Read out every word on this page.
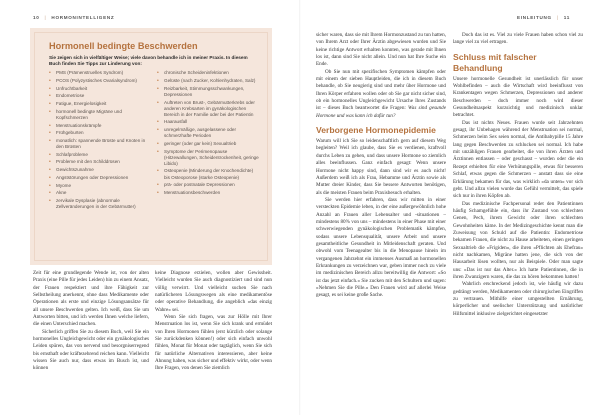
10 | HORMONINTELLIGENZ
Hormonell bedingte Beschwerden
Sie zeigen sich in vielfältiger Weise; viele davon behandle ich in meiner Praxis. In diesem Buch finden Sie Tipps zur Linderung von:
• PMS (Prämenstruelles Syndrom)
• PCOS (Polyzystisches Ovarialsyndrom)
• Unfruchtbarkeit
• Endometriose
• Fatigue, Energielosigkeit
• hormonell bedingte Migräne und Kopfschmerzen
• Menstruationskrämpfe
• Frühgeburten
• monatlich: spannende Brüste und Knoten in den Brüsten
• Schlafprobleme
• Probleme mit den Schilddrüsen
• Gewichtszunahme
• Angststörungen oder Depressionen
• Myome
• Akne
• zervikale Dysplasie (abnormale Zellveränderungen in der Gebärmutter)
• chronische Scheideninfektionen
• Gelüste (nach Zucker, Kohlenhydraten, Salz)
• Reizbarkeit, Stimmungsschwankungen, Depressionen
• Auftreten von Brust-, Gebärmutterkrebs oder anderen Krebsarten im gynäkologischen Bereich in der Familie oder bei der Patientin
• Haarausfall
• unregelmäßige, ausgelassene oder schmerzhafte Perioden
• geringer (oder gar kein) Sexualtrieb
• Symptome der Perimenopause (Hitzewallungen, Scheidentrockenheit, geringe Libido)
• Osteopenie (Minderung der Knochendichte) bis Osteoporose (starke Osteopenie)
• prä- oder postnatale Depressionen
• Menstruationsbeschwerden

Zeit für eine grundlegende Wende ist, von der alten Praxis (eine Pille für jedes Leiden) hin zu einem Ansatz, der Frauen respektiert und ihre Fähigkeit zur Selbstheilung anerkennt, ohne dass Medikamente oder Operationen als erste und einzige Lösungsansätze für all unsere Beschwerden gelten. Ich weiß, dass Sie um Antworten bitten, und ich werden Ihnen welche liefern, die einen Unterschied machen.

Sicherlich griffen Sie zu diesem Buch, weil Sie ein hormonelles Ungleichgewicht oder ein gynäkologisches Leiden spüren, das von nervend und besorgniserregend bis ernsthaft oder kräftezehrend reichen kann. Vielleicht wissen Sie auch nur, dass etwas im Busch ist, und können

keine Diagnose erzielen, wollen aber Gewissheit. Vielleicht wurden Sie auch diagnostiziert und sind nun völlig verwirrt. Und vielleicht suchen Sie nach natürlicheren Lösungswegen als eine medikamentöse oder operative Behandlung, die angeblich »das einzig Wahre« sei.

Wenn Sie sich fragen, was zur Hölle mit Ihrer Menstruation los ist, wenn Sie sich krank und ermüdet von Ihren Hormonen fühlen (erst kürzlich oder solange Sie zurückdenken können!) oder sich einfach unwohl fühlen, Monat für Monat oder tagtäglich, wenn Sie sich für natürliche Alternativen interessieren, aber keine Ahnung haben, was sicher und effektiv wirkt, oder wenn Ihre Fragen, von denen Sie ziemlich

EINLEITUNG | 11

sicher waren, dass sie mit Ihrem Hormonzustand zu tun hatten, von Ihrem Arzt oder Ihrer Ärztin abgewiesen wurden und Sie keine richtige Antwort erhalten konnten, was gerade mit Ihnen los ist, dann sind Sie nicht allein. Und nun hat Ihre Suche ein Ende.

Ob Sie nun mit spezifischen Symptomen kämpfen oder mit einem der sieben Hauptleiden, die ich in diesem Buch behandle, ob Sie neugierig sind und mehr über Hormone und Ihren Körper erfahren wollen oder ob Sie gar nicht sicher sind, ob ein hormonelles Ungleichgewicht Ursache Ihres Zustands ist – dieses Buch beantwortet die Fragen: Was sind gesunde Hormone und was kann ich dafür tun?

Verborgene Hormonepidemie

Warum will ich Sie so leidenschaftlich gern auf diesem Weg begleiten? Weil ich glaube, dass Sie es verdienen, kraftvoll durchs Leben zu gehen, und dass unsere Hormone so ziemlich alles beeinflussen. Ganz einfach gesagt: Wenn unsere Hormone nicht happy sind, dann sind wir es auch nicht! Außerdem weiß ich als Frau, Hebamme und Ärztin sowie als Mutter dreier Kinder, dass Sie bessere Antworten benötigen, als die meisten Frauen beim Praxisbesuch erhalten.

Sie werden hier erfahren, dass wir mitten in einer versteckten Epidemie leben, in der eine außergewöhnlich hohe Anzahl an Frauen aller Lebensalter und -situationen – mindestens 80% von uns – mindestens in einer Phase mit einer schwerwiegenden gynäkologischen Problematik kämpfen, sodass unsere Lebensqualität, unsere Arbeit und unsere gesamtheitliche Gesundheit in Mitleidenschaft geraten. Und obwohl vom Teenagealter bis in die Menopause hinein im vergangenen Jahrzehnt ein immenses Ausmaß an hormonellen Erkrankungen zu verzeichnen war, geben immer noch zu viele im medizinischen Bereich allzu bereitwillig die Antwort: »So ist das jetzt einfach.« Sie zucken mit den Schultern und sagen: »Nehmen Sie die Pille.« Den Frauen wird auf allerlei Weise gesagt, es sei keine große Sache.

Doch das ist es. Viel zu viele Frauen haben schon viel zu lange viel zu viel ertragen.

Schluss mit falscher Behandlung

Unsere hormonelle Gesundheit ist unerlässlich für unser Wohlbefinden – auch die Wirtschaft wird beeinflusst von Krankentagen wegen Schmerzen, Depressionen und anderer Beschwerden – doch immer noch wird dieser Gesundheitsaspekt kurzsichtig und medizinisch unklar betrachtet.

Das ist nichts Neues. Frauen wurde seit Jahrzehnten gesagt, ihr Unbehagen während der Menstruation sei normal, Schmerzen beim Sex seien normal, die Antibabypille 15 Jahre lang gegen Beschwerden zu schlucken sei normal. Ich habe mit unzähligen Frauen gearbeitet, die von ihren Ärzten und Ärztinnen entlassen – oder geschasst – wurden oder die ein Rezept erhielten für eine Verhütungspille, etwas für besseren Schlaf, etwas gegen die Schmerzen – anstatt dass sie eine Erklärung bekamen für das, was wirklich »da unten« vor sich geht. Und allzu vielen wurde das Gefühl vermittelt, das spiele sich nur in ihren Köpfen ab.

Das medizinische Fachpersonal redet den Patientinnen häufig Schamgefühle ein, dass ihr Zustand von schlechten Genen, Pech, ihrem Gewicht oder ihren schlechten Gewohnheiten käme. In der Medizingeschichte kennt man die Zuweisung von Schuld auf die Patientin: Endometriose bekamen Frauen, die nicht zu Hause arbeiteten, einen geringen Sexualtrieb die »Frigiden«, die ihren »Pflichten als Ehefrau« nicht nachkamen, Migräne hatten jene, die sich von der Hausarbeit lösen wollten, nur als Beispiele. Oder man sagte uns: »Das ist nur das Alter.« Ich hatte Patientinnen, die in ihren Zwanzigern waren, die das zu hören bekommen hatten!

Wahrlich erschreckend jedoch ist, wie häufig wir dazu gedrängt werden, Medikamenten oder chirurgischen Eingriffen zu vertrauen. Mithilfe einer umgestellten Ernährung, körperlicher und seelischer Unterstützung und natürlicher Hilfsmittel inklusive zielgerichtet eingesetzter
